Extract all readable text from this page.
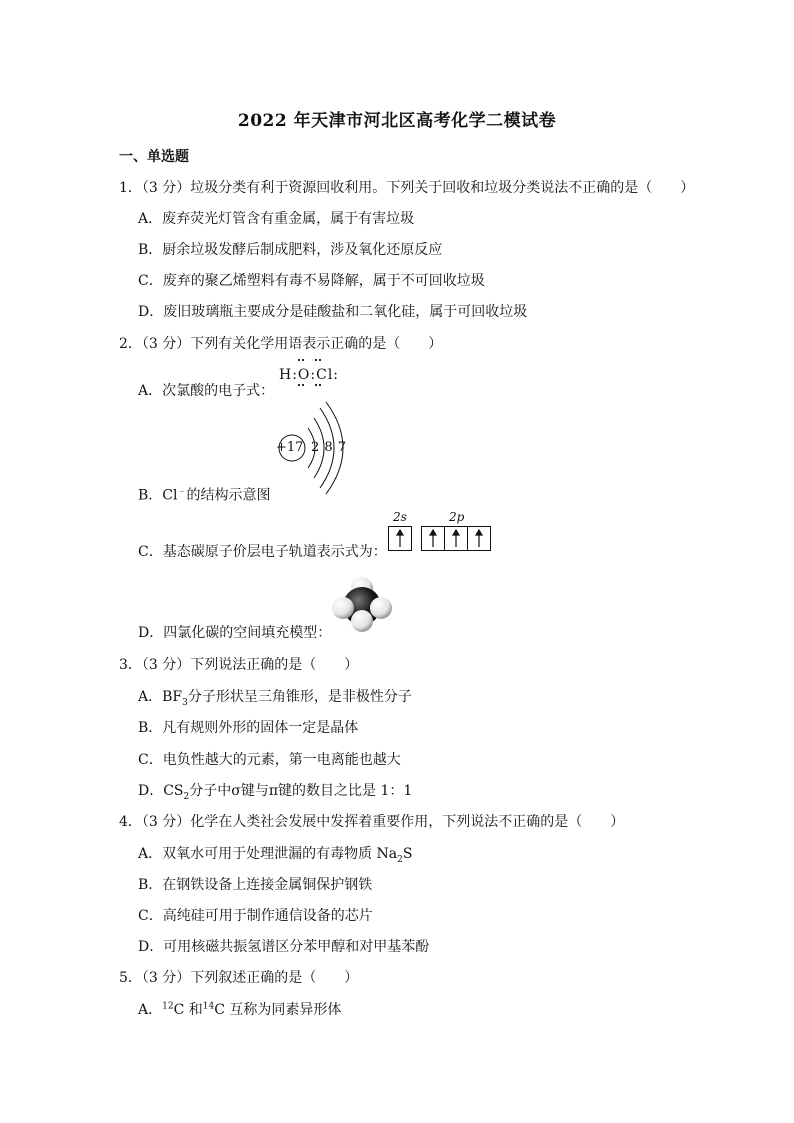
2022 年天津市河北区高考化学二模试卷
一、单选题
1．（3 分）垃圾分类有利于资源回收利用。下列关于回收和垃圾分类说法不正确的是（　　）
A．废弃荧光灯管含有重金属，属于有害垃圾
B．厨余垃圾发酵后制成肥料，涉及氧化还原反应
C．废弃的聚乙烯塑料有毒不易降解，属于不可回收垃圾
D．废旧玻璃瓶主要成分是硅酸盐和二氧化硅，属于可回收垃圾
2．（3 分）下列有关化学用语表示正确的是（　　）
A．次氯酸的电子式：
H:O:Cl:
+17 2 8 7
B．Cl﹣的结构示意图
C．基态碳原子价层电子轨道表示式为：
2s	2p
D．四氯化碳的空间填充模型：
3．（3 分）下列说法正确的是（　　）
A．$BF_3$分子形状呈三角锥形，是非极性分子
B．凡有规则外形的固体一定是晶体
C．电负性越大的元素，第一电离能也越大
D．$CS_2$分子中σ键与π键的数目之比是 1：1
4．（3 分）化学在人类社会发展中发挥着重要作用，下列说法不正确的是（　　）
A．双氧水可用于处理泄漏的有毒物质 $Na_2S$
B．在钢铁设备上连接金属铜保护钢铁
C．高纯硅可用于制作通信设备的芯片
D．可用核磁共振氢谱区分苯甲醇和对甲基苯酚
5．（3 分）下列叙述正确的是（　　）
A．$^{12}$C 和$^{14}$C 互称为同素异形体
